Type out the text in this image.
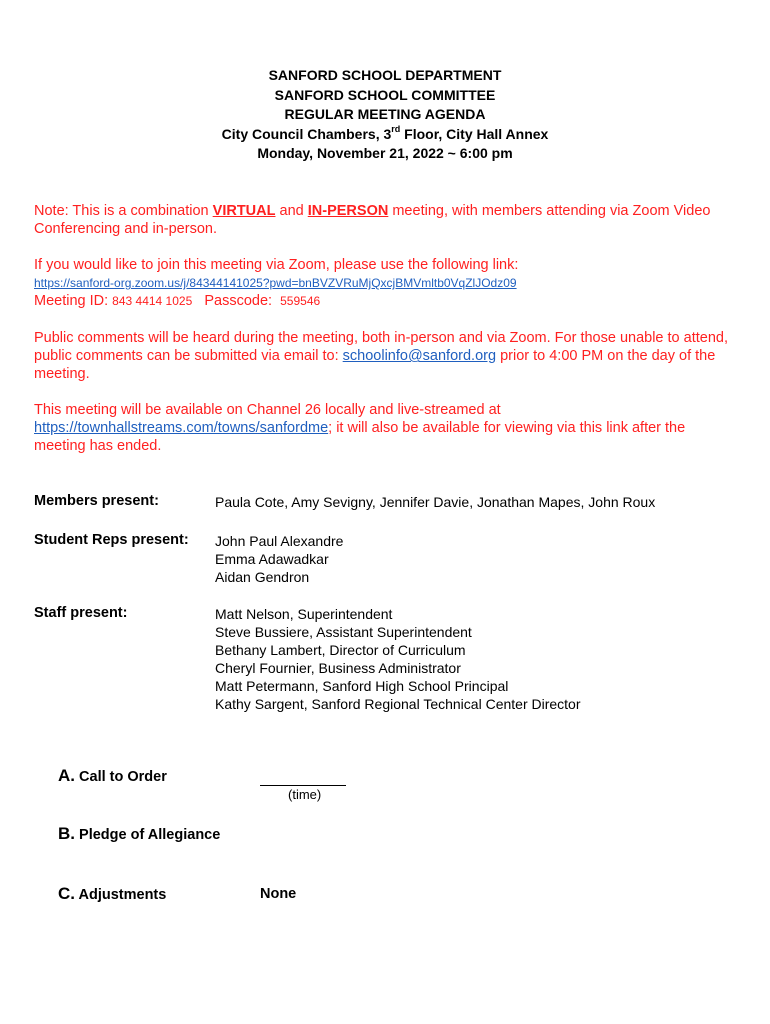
SANFORD SCHOOL DEPARTMENT
SANFORD SCHOOL COMMITTEE
REGULAR MEETING AGENDA
City Council Chambers, 3rd Floor, City Hall Annex
Monday, November 21, 2022 ~ 6:00 pm
Note: This is a combination VIRTUAL and IN-PERSON meeting, with members attending via Zoom Video Conferencing and in-person.
If you would like to join this meeting via Zoom, please use the following link:
https://sanford-org.zoom.us/j/84344141025?pwd=bnBVZVRuMjQxcjBMVmltb0VqZlJOdz09
Meeting ID: 843 4414 1025   Passcode:  559546
Public comments will be heard during the meeting, both in-person and via Zoom. For those unable to attend, public comments can be submitted via email to: schoolinfo@sanford.org prior to 4:00 PM on the day of the meeting.
This meeting will be available on Channel 26 locally and live-streamed at https://townhallstreams.com/towns/sanfordme; it will also be available for viewing via this link after the meeting has ended.
Members present:	Paula Cote, Amy Sevigny, Jennifer Davie, Jonathan Mapes, John Roux
Student Reps present: John Paul Alexandre
Emma Adawadkar
Aidan Gendron
Staff present:	Matt Nelson, Superintendent
Steve Bussiere, Assistant Superintendent
Bethany Lambert, Director of Curriculum
Cheryl Fournier, Business Administrator
Matt Petermann, Sanford High School Principal
Kathy Sargent, Sanford Regional Technical Center Director
A. Call to Order
(time)
B. Pledge of Allegiance
C. Adjustments	None
